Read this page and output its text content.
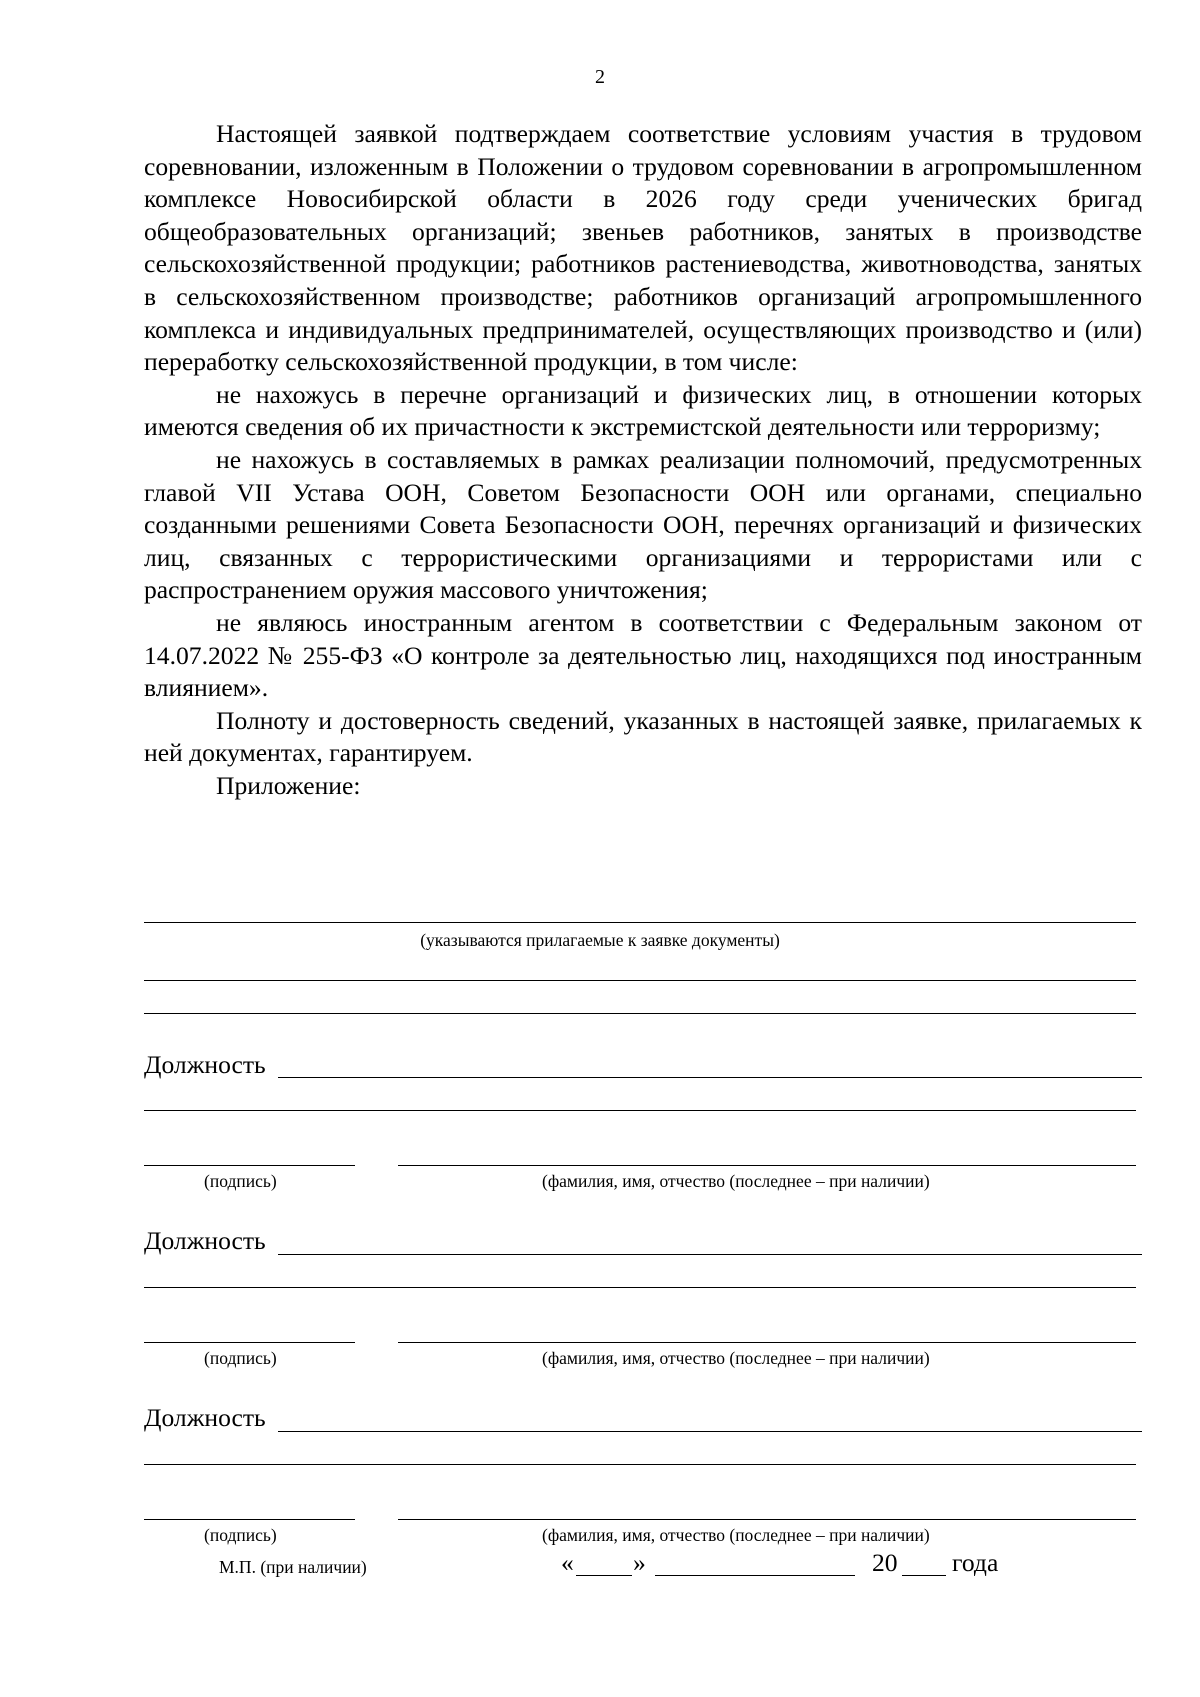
2

Настоящей заявкой подтверждаем соответствие условиям участия в трудовом соревновании, изложенным в Положении о трудовом соревновании в агропромышленном комплексе Новосибирской области в 2026 году среди ученических бригад общеобразовательных организаций; звеньев работников, занятых в производстве сельскохозяйственной продукции; работников растениеводства, животноводства, занятых в сельскохозяйственном производстве; работников организаций агропромышленного комплекса и индивидуальных предпринимателей, осуществляющих производство и (или) переработку сельскохозяйственной продукции, в том числе:

не нахожусь в перечне организаций и физических лиц, в отношении которых имеются сведения об их причастности к экстремистской деятельности или терроризму;

не нахожусь в составляемых в рамках реализации полномочий, предусмотренных главой VII Устава ООН, Советом Безопасности ООН или органами, специально созданными решениями Совета Безопасности ООН, перечнях организаций и физических лиц, связанных с террористическими организациями и террористами или с распространением оружия массового уничтожения;

не являюсь иностранным агентом в соответствии с Федеральным законом от 14.07.2022 № 255-ФЗ «О контроле за деятельностью лиц, находящихся под иностранным влиянием».

Полноту и достоверность сведений, указанных в настоящей заявке, прилагаемых к ней документах, гарантируем.

Приложение:

(указываются прилагаемые к заявке документы)
Должность
(подпись)	(фамилия, имя, отчество (последнее – при наличии)
Должность
(подпись)	(фамилия, имя, отчество (последнее – при наличии)
Должность
(подпись)	(фамилия, имя, отчество (последнее – при наличии)
М.П. (при наличии)	« »	20 года
